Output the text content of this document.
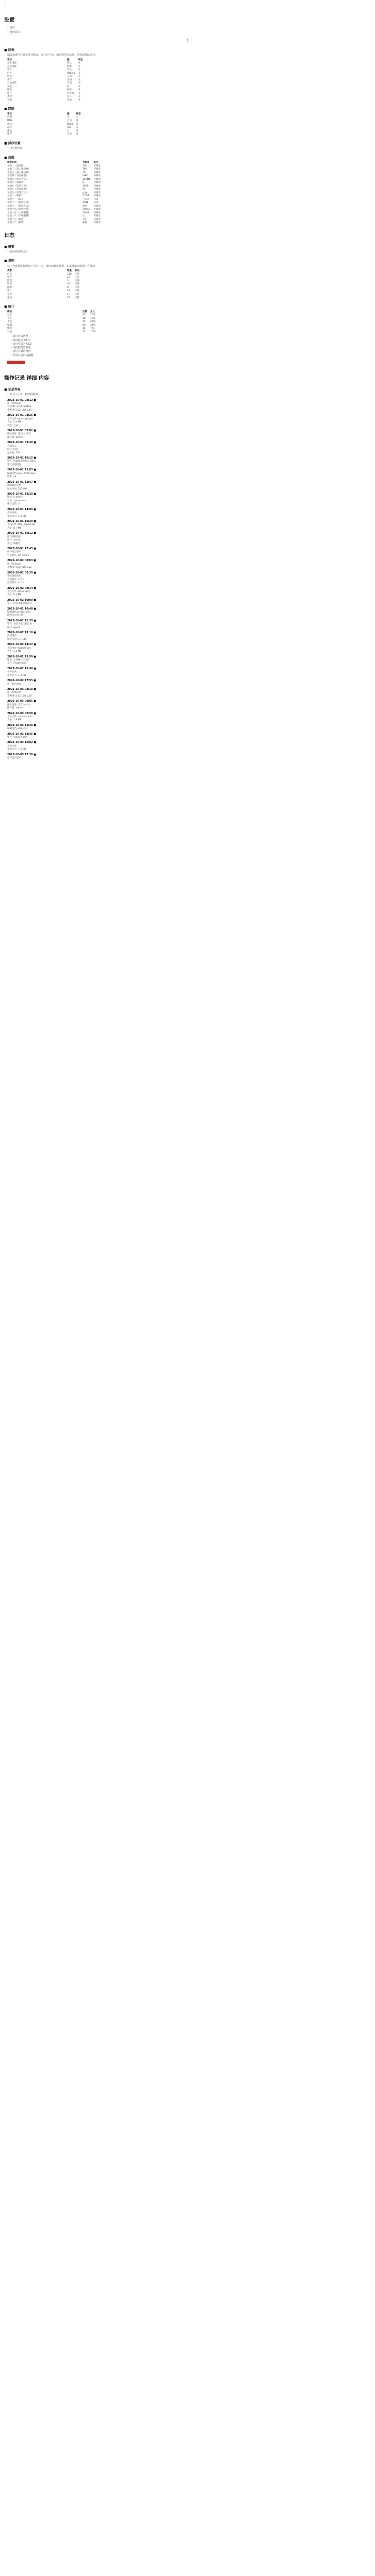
• 　　　　　
• 　　　　
设置
• 设置
• 设置项目　　　　
§
■ 制表
制表设置可在此处进行修改，保存后生效。如需要更多信息，请参阅帮助文档。
项目	值	状态
基本设置	默认	开
显示设置	标准	开
语言	中文	开
时区	UTC+8	开
通知	开启	开
声音	关闭	关
自动更新	开启	开
安全	高	开
隐私	标准	开
账户	已登录	开
备份	每日	开
存储	本地	开
■ 网络
项目	值	状态
代理	无	关
DNS	自动	开
端口	8080	开
超时	30s	开
重试	3	开
缓存	开启	开
■ 排序设置
• 按名称排序
■ 高级
参数名称	当前值	备注
参数一（默认值）	启用	可修改
参数二（最大连接数）	100	可修改
参数三（最小连接数）	10	可修改
参数四（日志级别）	INFO	可修改
参数五（缓存大小）	256MB	可修改
参数六（线程数）	8	可修改
参数七（队列长度）	1000	可修改
参数八（重连间隔）	5s	可修改
参数九（压缩方式）	gzip	可修改
参数十（编码）	UTF-8	可修改
参数十一（证书）	已安装	只读
参数十二（密钥长度）	2048	只读
参数十三（认证方式）	密码	可修改
参数十四（会话时长）	30min	可修改
参数十五（上传限制）	50MB	可修改
参数十六（下载限制）	无	可修改
参数十七（监控）	开启	可修改
参数十八（报警）	邮件	可修改
日志
■ 概要
• 最近的操作记录
■ 说明
以下为系统运行期间产生的日志，按时间顺序排列。如需导出请使用下方按钮。
类型	数量	状态
信息	128	正常
警告	12	正常
错误	3	异常
调试	56	正常
跟踪	9	正常
审计	21	正常
安全	4	正常
系统	33	正常
■ 统计
模块	次数	占比
登录	45	20%
上传	30	13%
下载	52	23%
编辑	60	27%
删除	15	7%
其他	22	10%
• 每日自动清理
• 保留最近 30 天
• 支持导出为 CSV
• 支持按类型筛选
• 支持关键词搜索
• 异常日志自动提醒
操作记录 详细 内容
■ 记录列表
• 共 计 记 录、按时间倒序
2023-10-01 08:12 ■
用户登录成功
会话 ID: a1b2c3d4e5
来源 IP: 192.168.1.10
2023-10-01 08:25 ■
上传文件 report_q3.pdf
大小: 2.4 MB
状态: 完成
2023-10-01 09:02 ■
修改设置: 通知 → 开启
操作者: admin
2023-10-01 09:40 ■
导出日志
格式: CSV
记录数: 128
2023-10-01 10:15 ■
警告: 磁盘使用率超过 80%
建议清理缓存
2023-10-01 11:03 ■
编辑文档 plan_2024.docx
版本: v3
2023-10-01 11:47 ■
删除临时文件
释放空间: 512 MB
2023-10-01 13:20 ■
错误: 连接超时
目标: api.service
重试次数: 3
2023-10-01 14:05 ■
备份完成
备份大小: 1.2 GB
2023-10-01 15:30 ■
下载文件 data_export.zip
大小: 8.7 MB
2023-10-01 16:12 ■
用户权限变更
用户: zhang
角色: 编辑者
2023-10-01 17:45 ■
用户退出登录
会话时长: 9h 33min
2023-10-02 08:03 ■
用户登录成功
来源 IP: 192.168.1.22
2023-10-02 08:30 ■
系统更新检查
当前版本: 4.2.1
最新版本: 4.2.1
2023-10-02 09:14 ■
上传文件 slides.pptx
大小: 5.1 MB
2023-10-02 10:00 ■
审计: 密码策略检查通过
2023-10-02 10:48 ■
编辑表格 budget.xlsx
修改单元格: 24
2023-10-02 11:35 ■
警告: 登录失败次数过多
账户: guest
2023-10-02 13:10 ■
清理缓存
释放空间: 1.1 GB
2023-10-02 14:22 ■
下载文件 manual.pdf
大小: 3.3 MB
2023-10-02 15:50 ■
错误: 文件格式不支持
文件: image.heic
2023-10-02 16:40 ■
备份完成
备份大小: 1.3 GB
2023-10-02 17:55 ■
用户退出登录
2023-10-03 08:10 ■
用户登录成功
来源 IP: 192.168.1.10
2023-10-03 09:05 ■
修改设置: 语言 → 中文
操作者: admin
2023-10-03 09:58 ■
上传文件 contract.pdf
大小: 1.8 MB
2023-10-03 11:20 ■
编辑文档 notes.txt
2023-10-03 13:45 ■
审计: 权限检查通过
2023-10-03 15:02 ■
备份完成
备份大小: 1.3 GB
2023-10-03 17:30 ■
用户退出登录
